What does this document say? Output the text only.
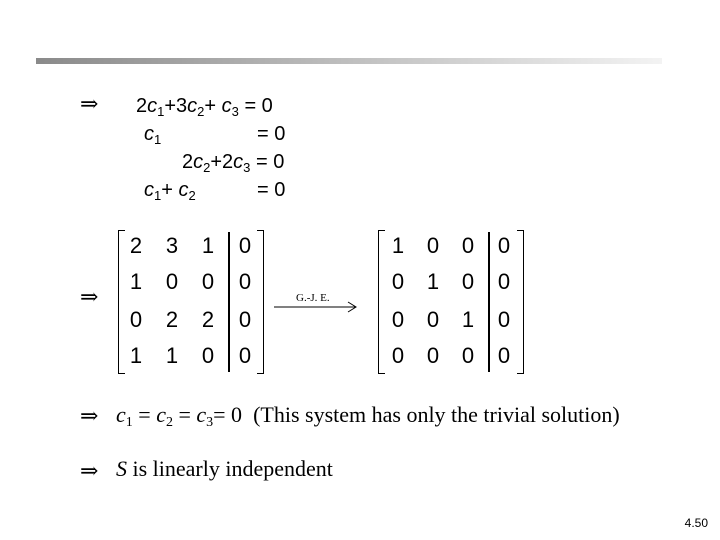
⇒ $2c_1+3c_2+ c_3 = 0$
$c_1$	= 0
$2c_2+2c_3 = 0$
$c_1+ c_2$	= 0
⇒
2 3 1 0
1 0 0 0
0 2 2 0
1 1 0 0
G.-J. E.
1 0 0 0
0 1 0 0
0 0 1 0
0 0 0 0
⇒ $c_1 = c_2 = c_3= 0$  (This system has only the trivial solution)
⇒ S is linearly independent
4.50
